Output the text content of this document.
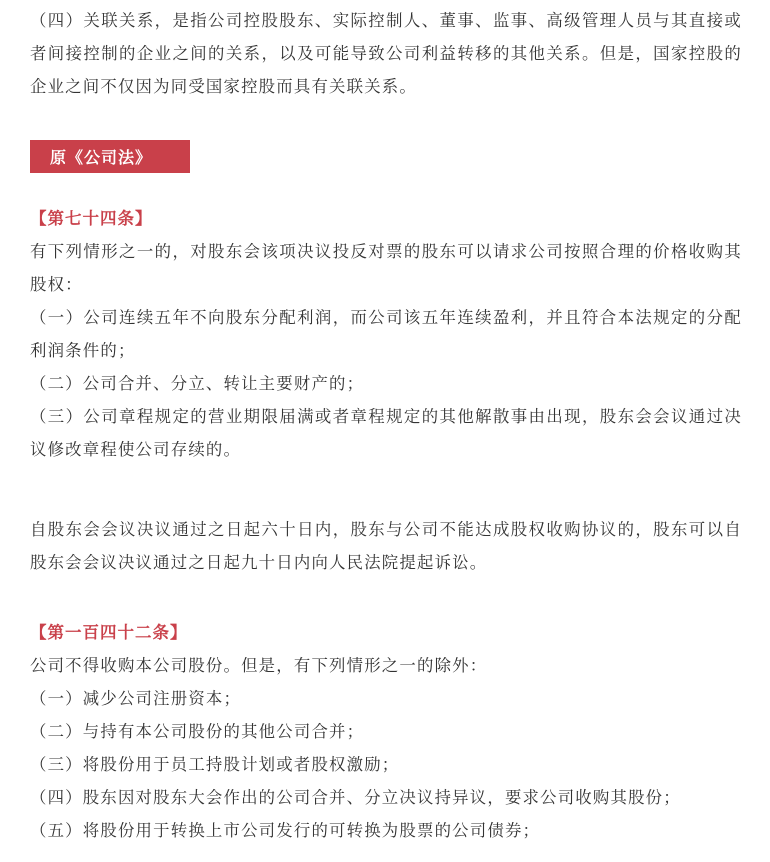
（四）关联关系，是指公司控股股东、实际控制人、董事、监事、高级管理人员与其直接或者间接控制的企业之间的关系，以及可能导致公司利益转移的其他关系。但是，国家控股的企业之间不仅因为同受国家控股而具有关联关系。

原《公司法》

【第七十四条】

有下列情形之一的，对股东会该项决议投反对票的股东可以请求公司按照合理的价格收购其股权：

（一）公司连续五年不向股东分配利润，而公司该五年连续盈利，并且符合本法规定的分配利润条件的；

（二）公司合并、分立、转让主要财产的；

（三）公司章程规定的营业期限届满或者章程规定的其他解散事由出现，股东会会议通过决议修改章程使公司存续的。

自股东会会议决议通过之日起六十日内，股东与公司不能达成股权收购协议的，股东可以自股东会会议决议通过之日起九十日内向人民法院提起诉讼。

【第一百四十二条】

公司不得收购本公司股份。但是，有下列情形之一的除外：

（一）减少公司注册资本；

（二）与持有本公司股份的其他公司合并；

（三）将股份用于员工持股计划或者股权激励；

（四）股东因对股东大会作出的公司合并、分立决议持异议，要求公司收购其股份；

（五）将股份用于转换上市公司发行的可转换为股票的公司债券；
